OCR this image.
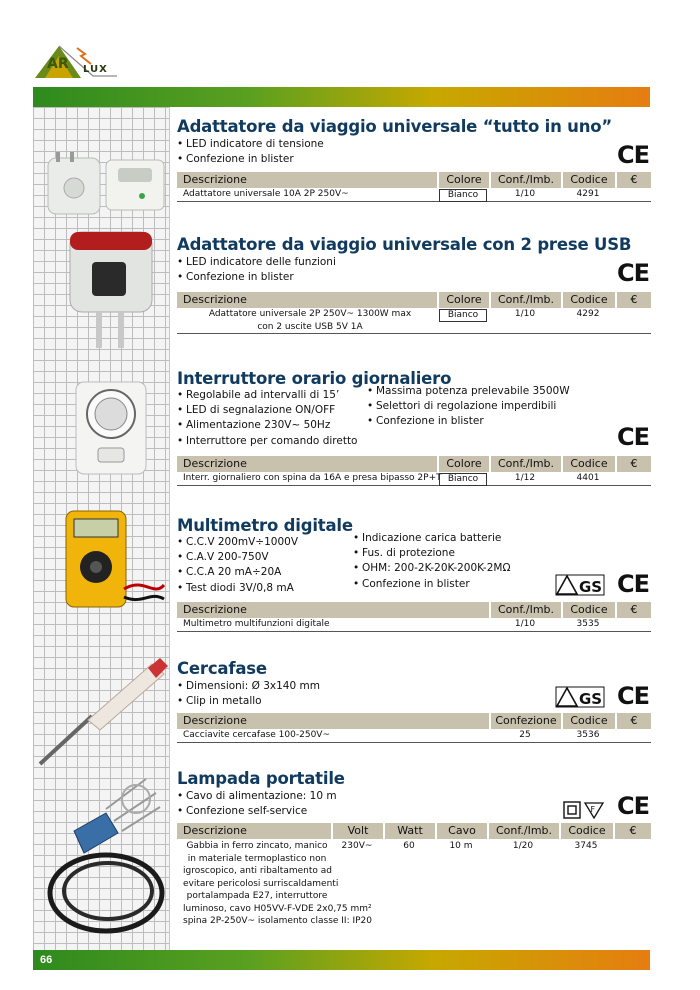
AR LUX
Adattatore da viaggio universale “tutto in uno”
• LED indicatore di tensione
• Confezione in blister	CE
Descrizione	Colore	Conf./Imb.	Codice	€
Adattatore universale 10A 2P 250V~	Bianco	1/10	4291
Adattatore da viaggio universale con 2 prese USB
• LED indicatore delle funzioni
• Confezione in blister	CE
Descrizione	Colore	Conf./Imb.	Codice	€
Adattatore universale 2P 250V~ 1300W max
con 2 uscite USB 5V 1A
Bianco	1/10	4292
Interruttore orario giornaliero
• Regolabile ad intervalli di 15’
• LED di segnalazione ON/OFF
• Alimentazione 230V~ 50Hz
• Interruttore per comando diretto
• Massima potenza prelevabile 3500W
• Selettori di regolazione imperdibili
• Confezione in blister
CE
Descrizione	Colore	Conf./Imb.	Codice	€
Interr. giornaliero con spina da 16A e presa bipasso 2P+T Bianco	1/12	4401
Multimetro digitale
• C.C.V 200mV÷1000V
• C.A.V 200-750V
• C.C.A 20 mA÷20A
• Test diodi 3V/0,8 mA
• Indicazione carica batterie
• Fus. di protezione
• OHM: 200-2K-20K-200K-2MΩ
• Confezione in blister	GS CE
Descrizione	Conf./Imb.	Codice	€
Multimetro multifunzioni digitale	1/10	3535
Cercafase
• Dimensioni: Ø 3x140 mm
• Clip in metallo	GS CE
Descrizione	Confezione	Codice	€
Cacciavite cercafase 100-250V~	25	3536
Lampada portatile
• Cavo di alimentazione: 10 m
• Confezione self-service	F CE
Descrizione	Volt	Watt	Cavo	Conf./Imb.	Codice	€
Gabbia in ferro zincato, manico
in materiale termoplastico non
igroscopico, anti ribaltamento ad
evitare pericolosi surriscaldamenti
portalampada E27, interruttore
luminoso, cavo H05VV-F-VDE 2x0,75 mm²
spina 2P-250V~ isolamento classe II: IP20
230V~	60	10 m	1/20	3745
66
